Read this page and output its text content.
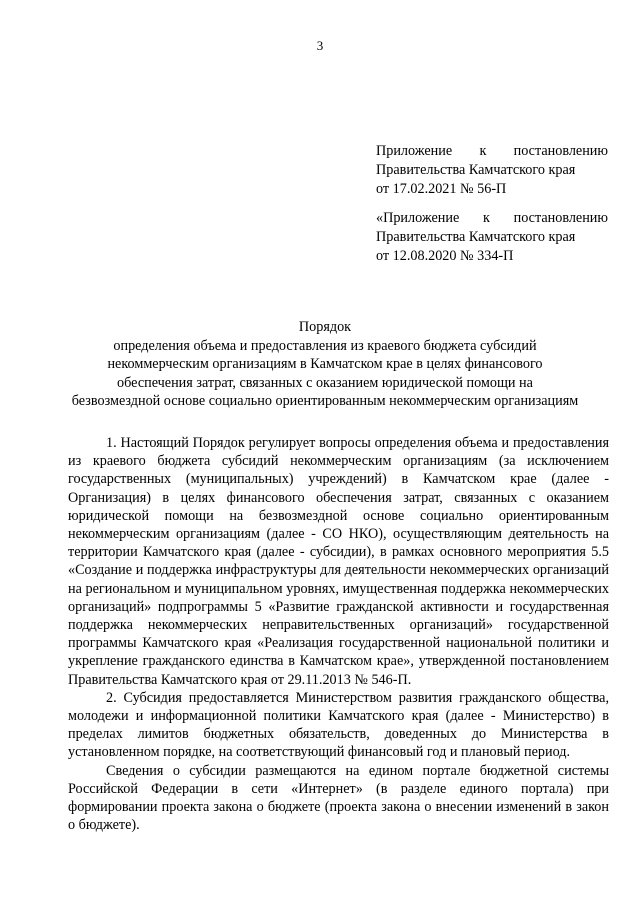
3
Приложение к постановлению
Правительства Камчатского края
от 17.02.2021 № 56-П
«Приложение к постановлению
Правительства Камчатского края
от 12.08.2020 № 334-П
Порядок
определения объема и предоставления из краевого бюджета субсидий
некоммерческим организациям в Камчатском крае в целях финансового
обеспечения затрат, связанных с оказанием юридической помощи на
безвозмездной основе социально ориентированным некоммерческим организациям

1. Настоящий Порядок регулирует вопросы определения объема и предоставления из краевого бюджета субсидий некоммерческим организациям (за исключением государственных (муниципальных) учреждений) в Камчатском крае (далее - Организация) в целях финансового обеспечения затрат, связанных с оказанием юридической помощи на безвозмездной основе социально ориентированным некоммерческим организациям (далее - СО НКО), осуществляющим деятельность на территории Камчатского края (далее - субсидии), в рамках основного мероприятия 5.5 «Создание и поддержка инфраструктуры для деятельности некоммерческих организаций на региональном и муниципальном уровнях, имущественная поддержка некоммерческих организаций» подпрограммы 5 «Развитие гражданской активности и государственная поддержка некоммерческих неправительственных организаций» государственной программы Камчатского края «Реализация государственной национальной политики и укрепление гражданского единства в Камчатском крае», утвержденной постановлением Правительства Камчатского края от 29.11.2013 № 546-П.

2. Субсидия предоставляется Министерством развития гражданского общества, молодежи и информационной политики Камчатского края (далее - Министерство) в пределах лимитов бюджетных обязательств, доведенных до Министерства в установленном порядке, на соответствующий финансовый год и плановый период.

Сведения о субсидии размещаются на едином портале бюджетной системы Российской Федерации в сети «Интернет» (в разделе единого портала) при формировании проекта закона о бюджете (проекта закона о внесении изменений в закон о бюджете).
